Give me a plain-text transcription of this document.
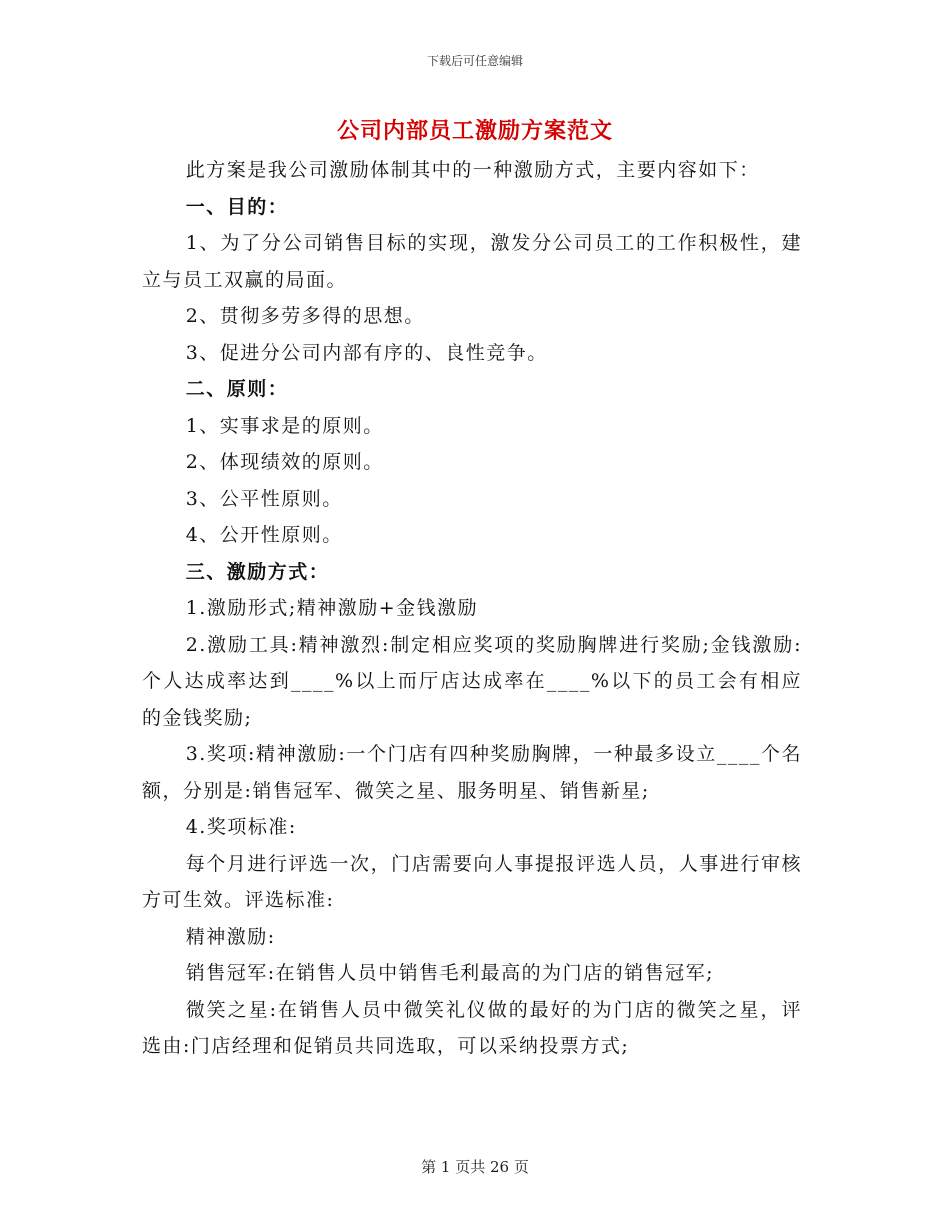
下载后可任意编辑
公司内部员工激励方案范文

此方案是我公司激励体制其中的一种激励方式，主要内容如下：

一、目的：

1、为了分公司销售目标的实现，激发分公司员工的工作积极性，建立与员工双赢的局面。

2、贯彻多劳多得的思想。

3、促进分公司内部有序的、良性竞争。

二、原则：

1、实事求是的原则。

2、体现绩效的原则。

3、公平性原则。

4、公开性原则。

三、激励方式：

1.激励形式;精神激励+金钱激励

2.激励工具:精神激烈:制定相应奖项的奖励胸牌进行奖励;金钱激励:个人达成率达到____%以上而厅店达成率在____%以下的员工会有相应的金钱奖励;

3.奖项:精神激励:一个门店有四种奖励胸牌，一种最多设立____个名额，分别是:销售冠军、微笑之星、服务明星、销售新星;

4.奖项标准:

每个月进行评选一次，门店需要向人事提报评选人员，人事进行审核方可生效。评选标准:

精神激励:

销售冠军:在销售人员中销售毛利最高的为门店的销售冠军;

微笑之星:在销售人员中微笑礼仪做的最好的为门店的微笑之星，评选由:门店经理和促销员共同选取，可以采纳投票方式;

第 1 页共 26 页
